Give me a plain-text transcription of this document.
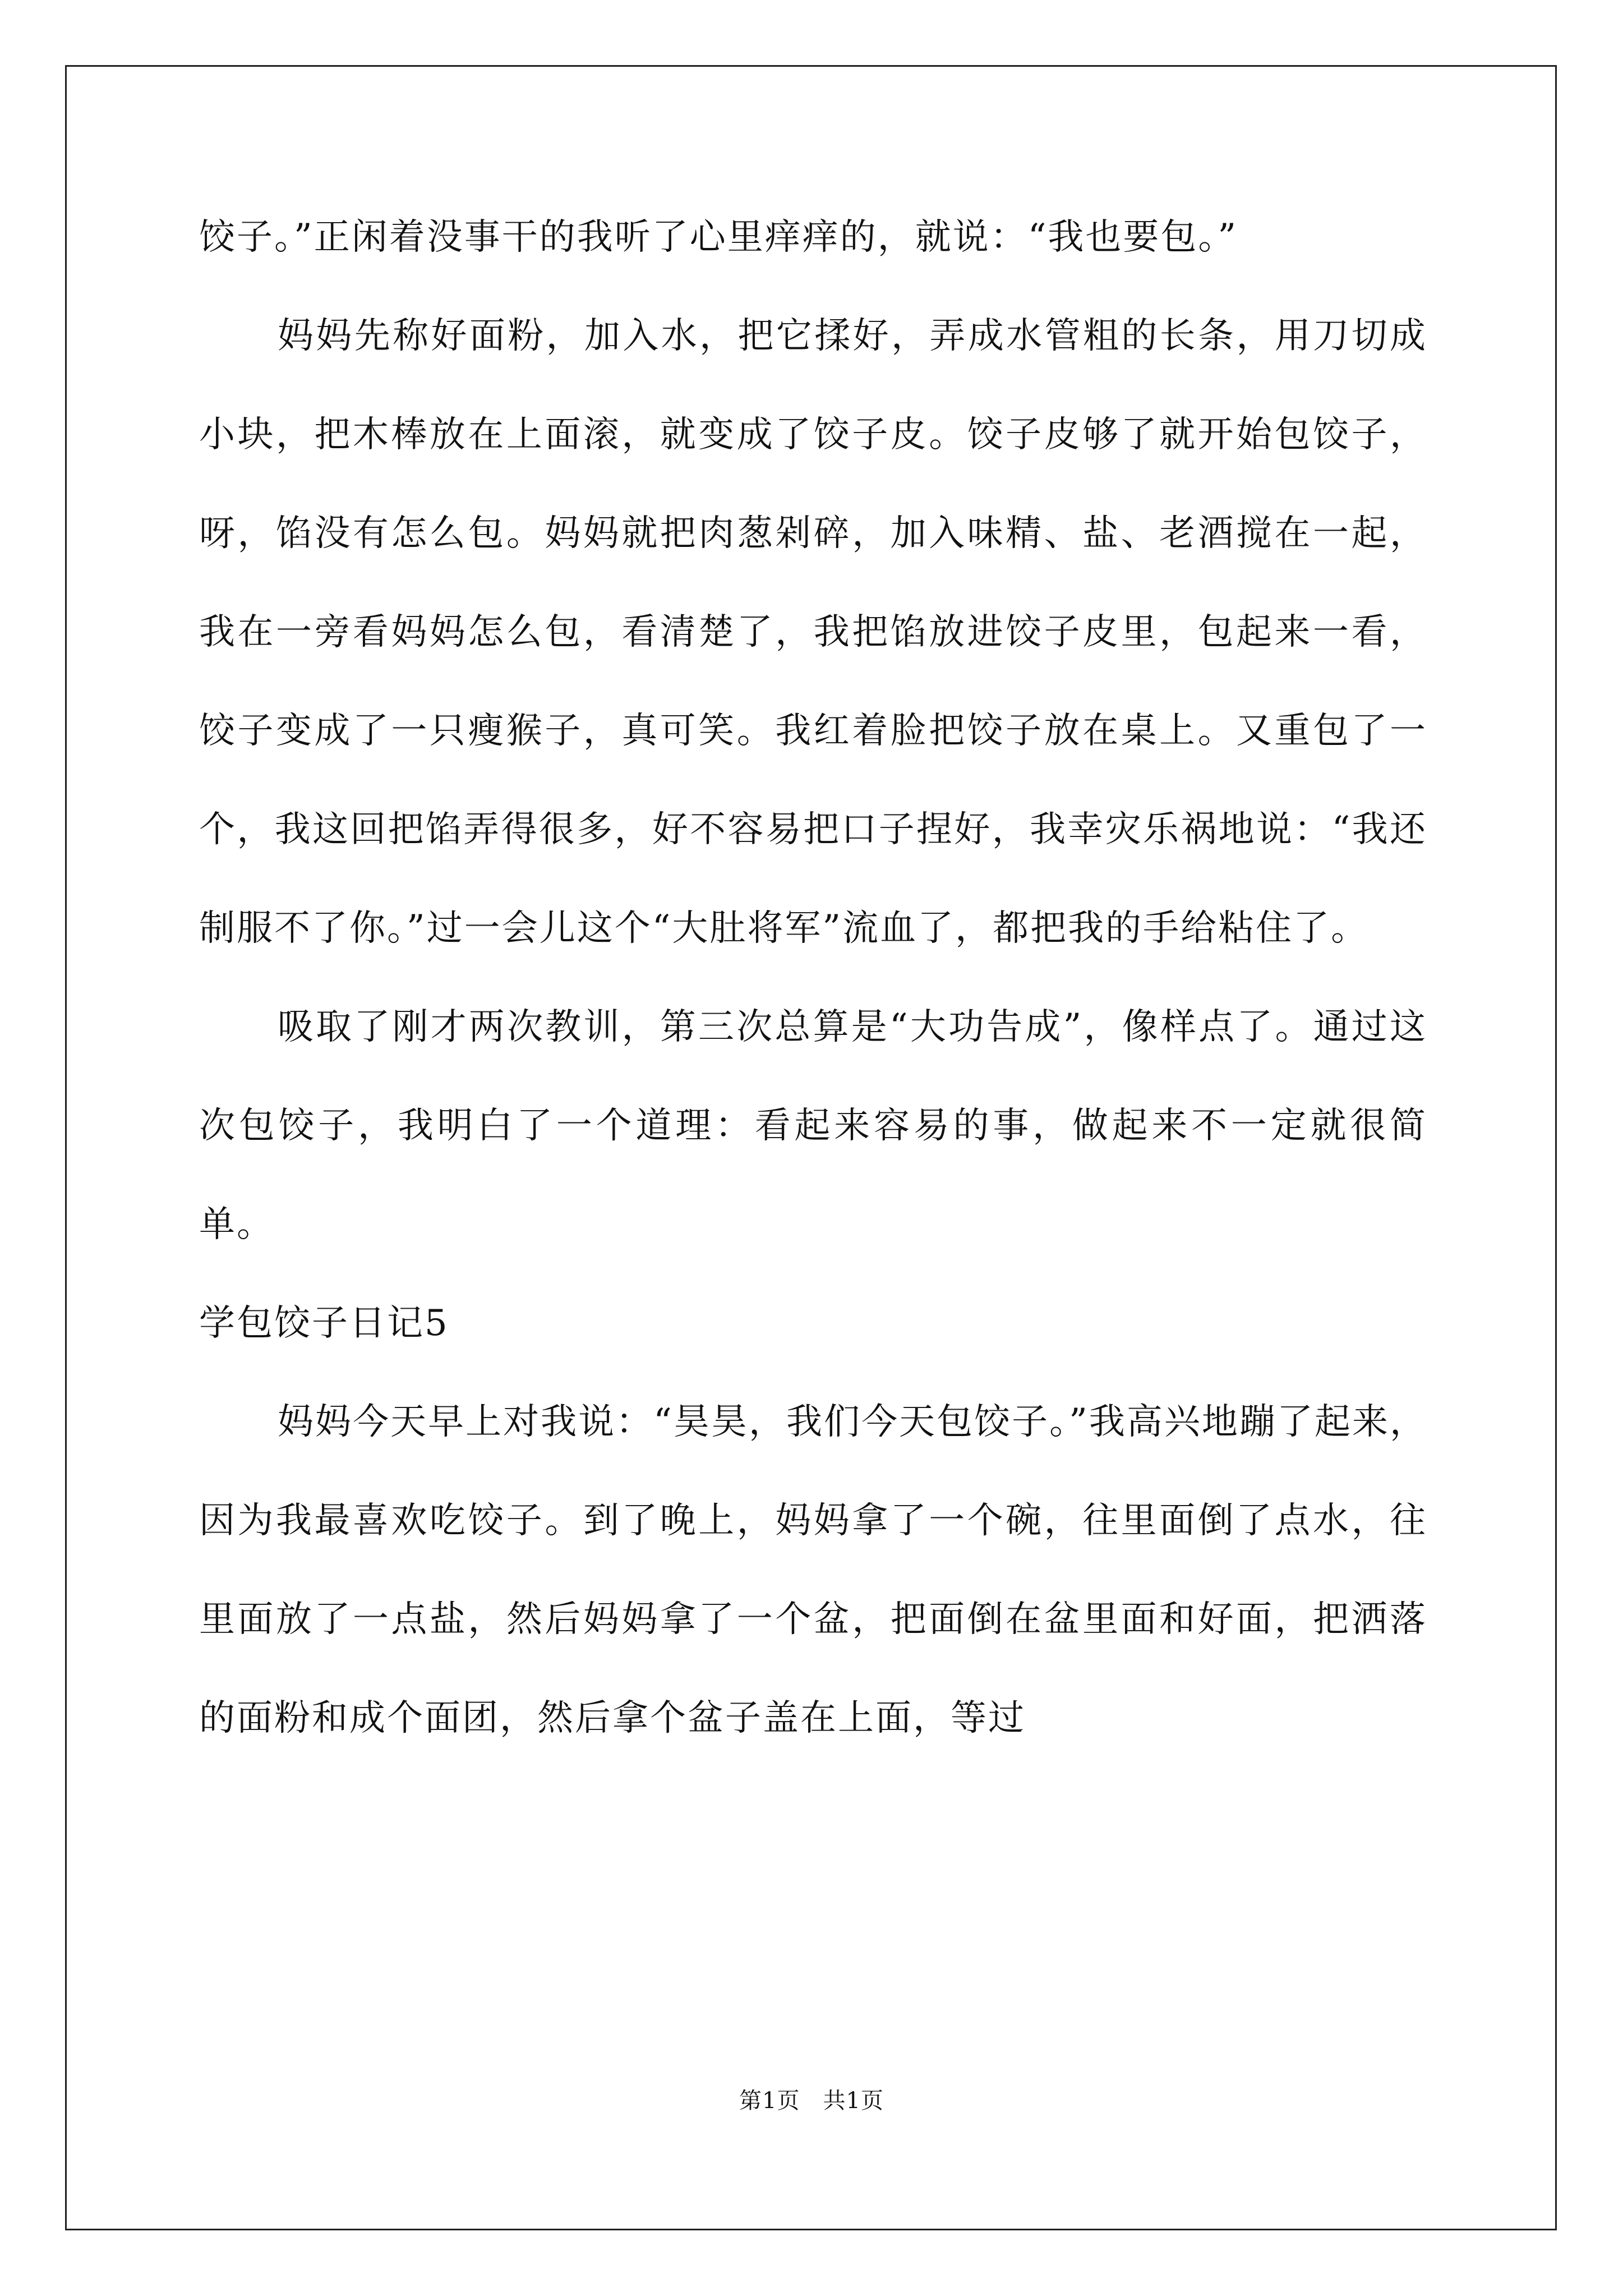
饺子。”正闲着没事干的我听了心里痒痒的，就说：“我也要包。”

妈妈先称好面粉，加入水，把它揉好，弄成水管粗的长条，用刀切成小块，把木棒放在上面滚，就变成了饺子皮。饺子皮够了就开始包饺子，呀，馅没有怎么包。妈妈就把肉葱剁碎，加入味精、盐、老酒搅在一起，我在一旁看妈妈怎么包，看清楚了，我把馅放进饺子皮里，包起来一看，饺子变成了一只瘦猴子，真可笑。我红着脸把饺子放在桌上。又重包了一个，我这回把馅弄得很多，好不容易把口子捏好，我幸灾乐祸地说：“我还制服不了你。”过一会儿这个“大肚将军”流血了，都把我的手给粘住了。

吸取了刚才两次教训，第三次总算是“大功告成”，像样点了。通过这次包饺子，我明白了一个道理：看起来容易的事，做起来不一定就很简单。

学包饺子日记5

妈妈今天早上对我说：“昊昊，我们今天包饺子。”我高兴地蹦了起来，因为我最喜欢吃饺子。到了晚上，妈妈拿了一个碗，往里面倒了点水，往里面放了一点盐，然后妈妈拿了一个盆，把面倒在盆里面和好面，把洒落的面粉和成个面团，然后拿个盆子盖在上面，等过

第1页　共1页
